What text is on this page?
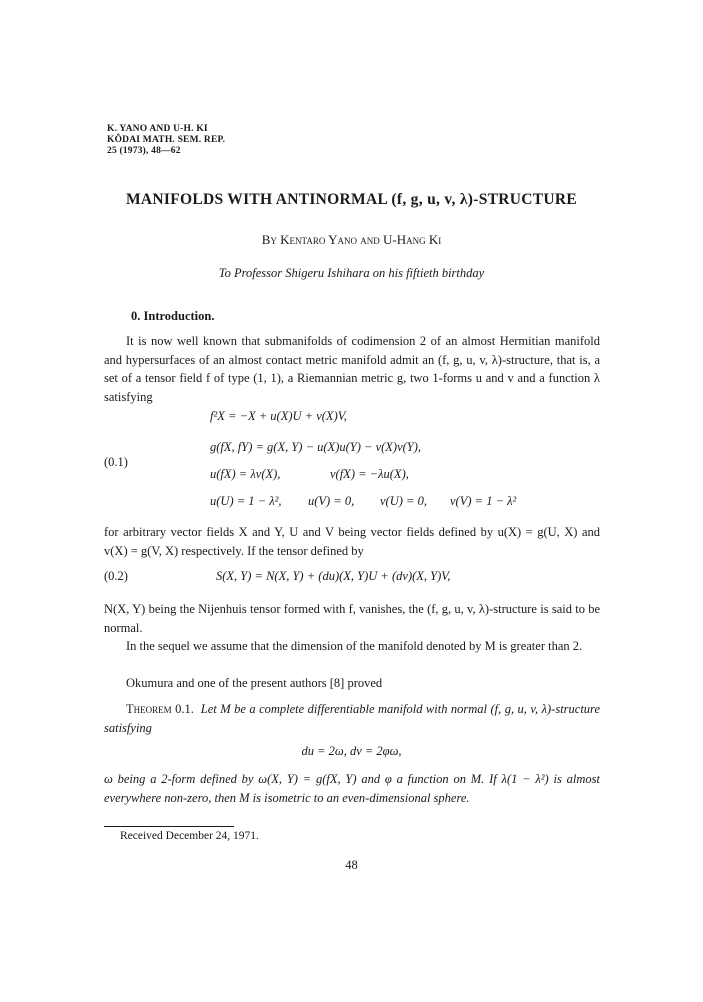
K. YANO AND U-H. KI
KÔDAI MATH. SEM. REP.
25 (1973), 48—62
MANIFOLDS WITH ANTINORMAL (f, g, u, v, λ)-STRUCTURE
By Kentaro Yano and U-Hang Ki
To Professor Shigeru Ishihara on his fiftieth birthday
0. Introduction.
It is now well known that submanifolds of codimension 2 of an almost Hermitian manifold and hypersurfaces of an almost contact metric manifold admit an (f, g, u, v, λ)-structure, that is, a set of a tensor field f of type (1, 1), a Riemannian metric g, two 1-forms u and v and a function λ satisfying
f²X = −X + u(X)U + v(X)V,
g(fX, fY) = g(X, Y) − u(X)u(Y) − v(X)v(Y),
(0.1)
u(fX) = λv(X),	v(fX) = −λu(X),
u(U) = 1 − λ², u(V) = 0, v(U) = 0, v(V) = 1 − λ²
for arbitrary vector fields X and Y, U and V being vector fields defined by u(X) = g(U, X) and v(X) = g(V, X) respectively. If the tensor defined by
(0.2)	S(X, Y) = N(X, Y) + (du)(X, Y)U + (dv)(X, Y)V,
N(X, Y) being the Nijenhuis tensor formed with f, vanishes, the (f, g, u, v, λ)-structure is said to be normal.
In the sequel we assume that the dimension of the manifold denoted by M is greater than 2.
Okumura and one of the present authors [8] proved
Theorem 0.1. Let M be a complete differentiable manifold with normal (f, g, u, v, λ)-structure satisfying
du = 2ω, dv = 2φω,
ω being a 2-form defined by ω(X, Y) = g(fX, Y) and φ a function on M. If λ(1 − λ²) is almost everywhere non-zero, then M is isometric to an even-dimensional sphere.
Received December 24, 1971.
48
